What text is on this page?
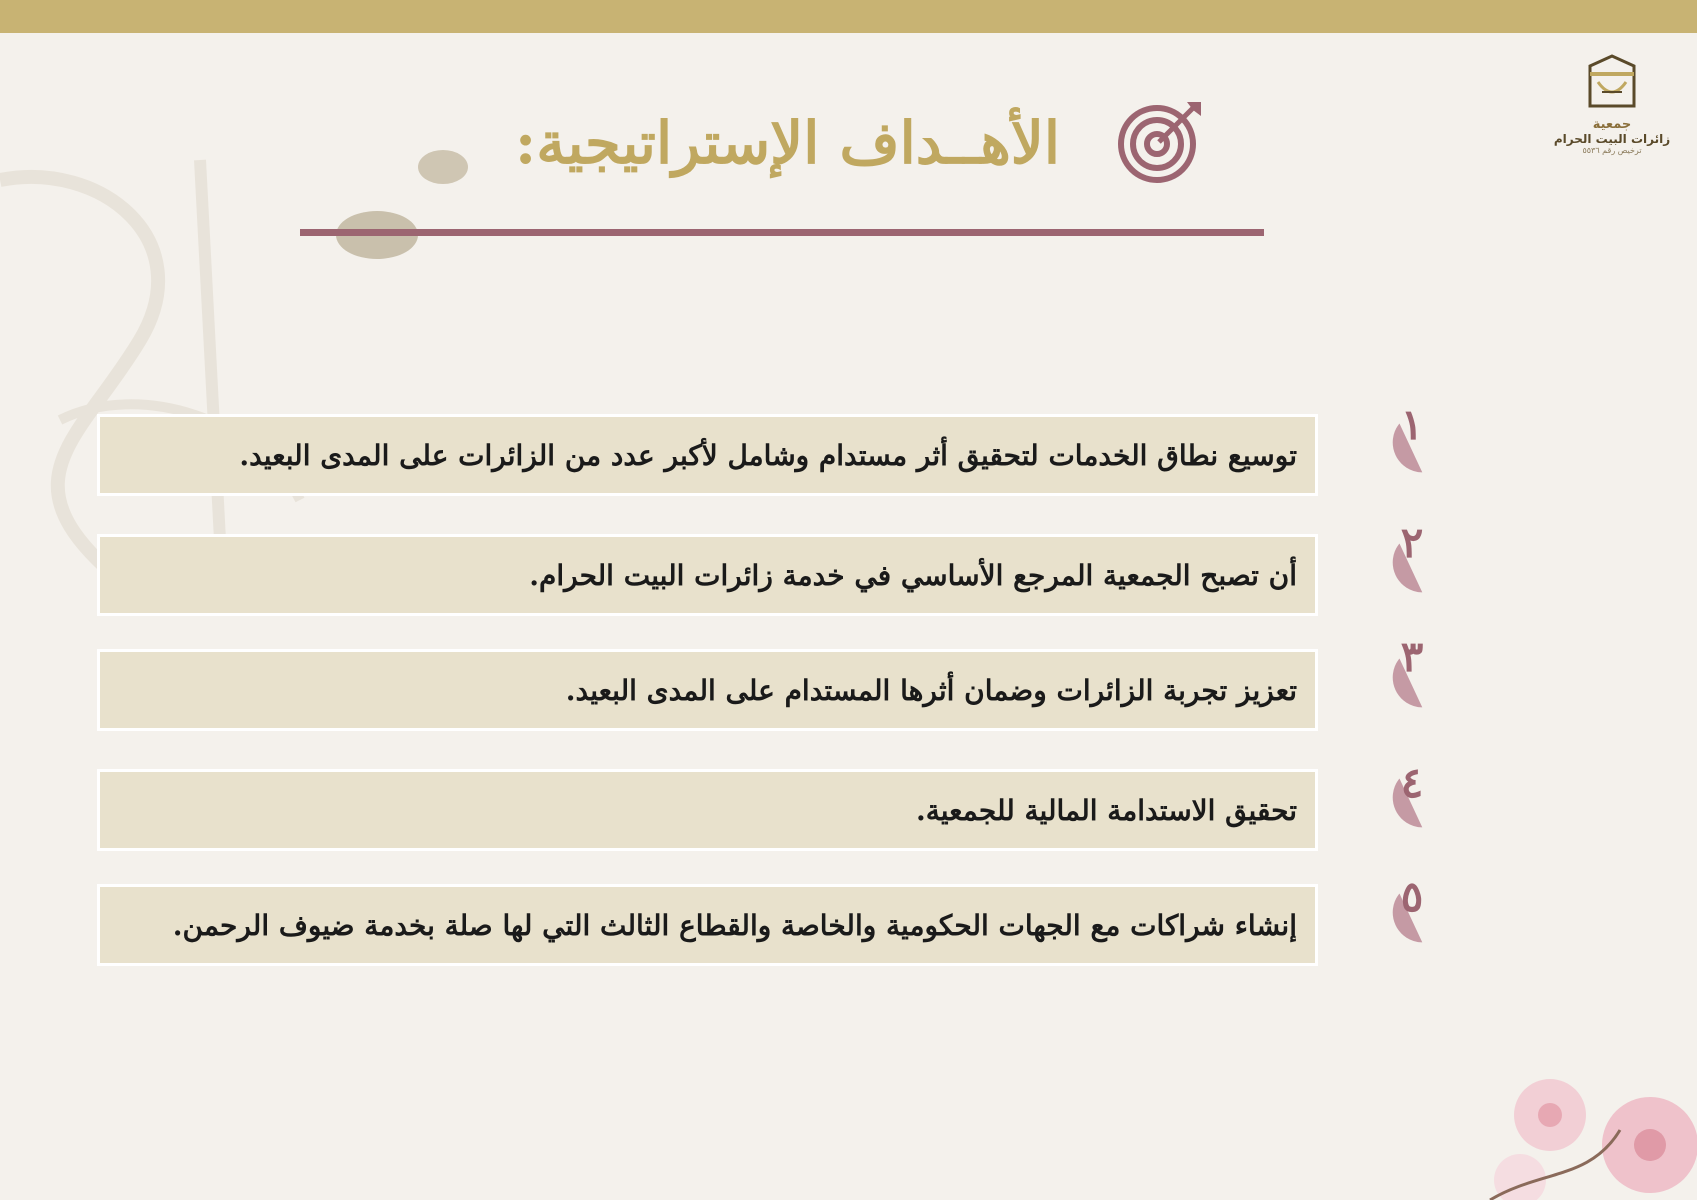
جمعية
زائرات البيت الحرام
ترخيص رقم ٥٥٣٦
الأهــداف الإستراتيجية:
توسيع نطاق الخدمات لتحقيق أثر مستدام وشامل لأكبر عدد من الزائرات على المدى البعيد.
أن تصبح الجمعية المرجع الأساسي في خدمة زائرات البيت الحرام.
تعزيز تجربة الزائرات وضمان أثرها المستدام على المدى البعيد.
تحقيق الاستدامة المالية للجمعية.
إنشاء شراكات مع الجهات الحكومية والخاصة والقطاع الثالث التي لها صلة بخدمة ضيوف الرحمن.
١
٢
٣
٤
٥
